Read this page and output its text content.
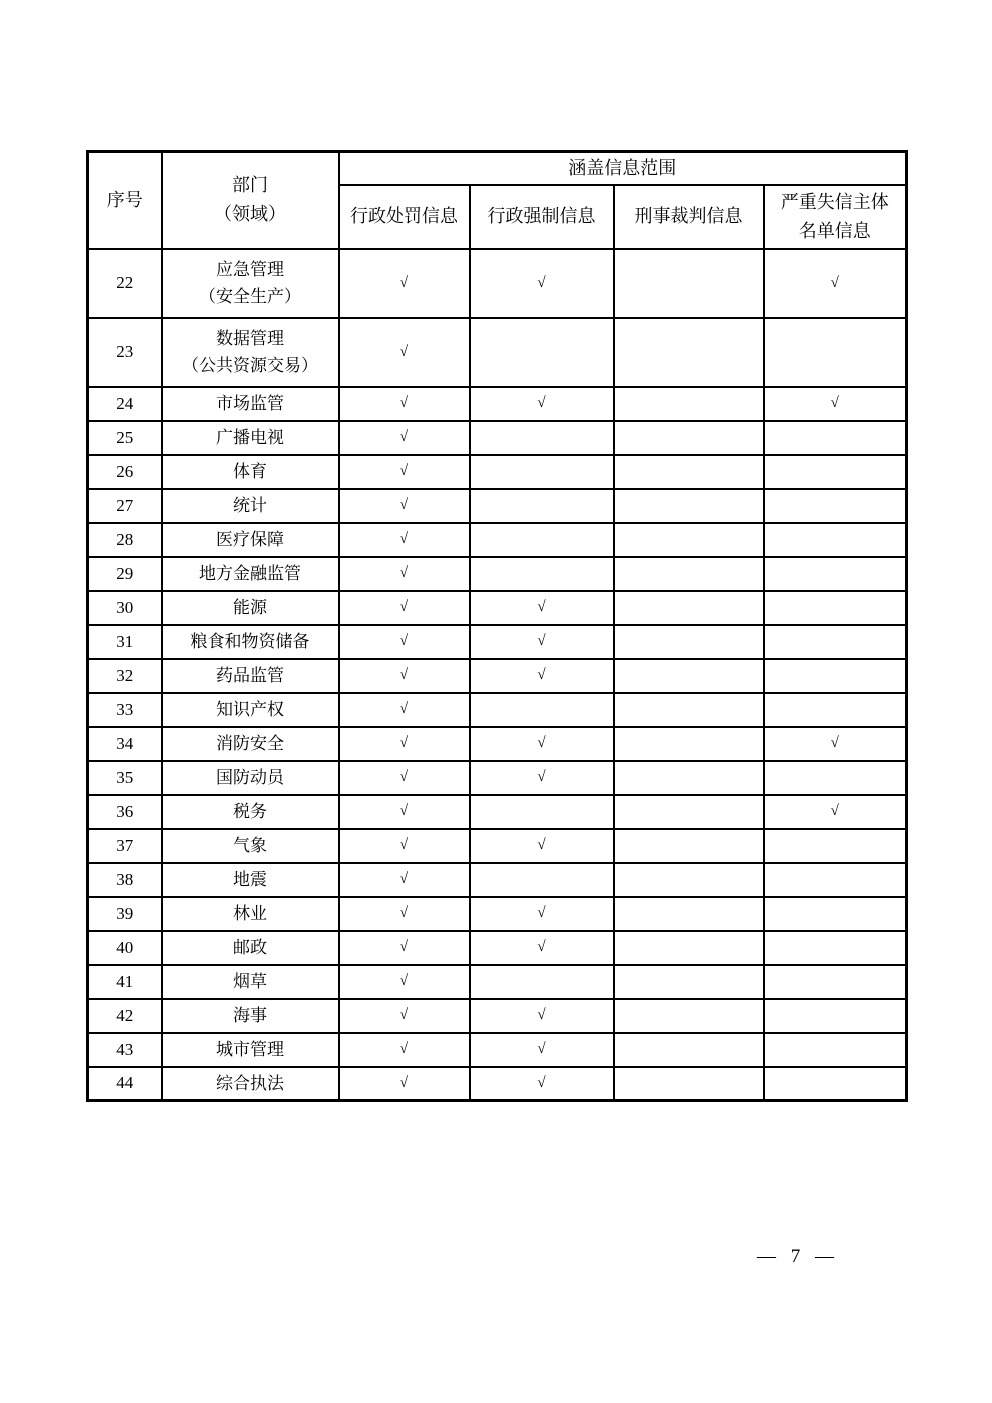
序号	部门
（领域）	涵盖信息范围			
		行政处罚信息	行政强制信息	刑事裁判信息	严重失信主体
名单信息

22	应急管理
（安全生产）	√	√		√
23	数据管理
（公共资源交易）	√			
24	市场监管	√	√		√
25	广播电视	√			
26	体育	√			
27	统计	√			
28	医疗保障	√			
29	地方金融监管	√			
30	能源	√	√		
31	粮食和物资储备	√	√		
32	药品监管	√	√		
33	知识产权	√			
34	消防安全	√	√		√
35	国防动员	√	√		
36	税务	√			√
37	气象	√	√		
38	地震	√			
39	林业	√	√		
40	邮政	√	√		
41	烟草	√			
42	海事	√	√		
43	城市管理	√	√		
44	综合执法	√	√		
— 7 —
